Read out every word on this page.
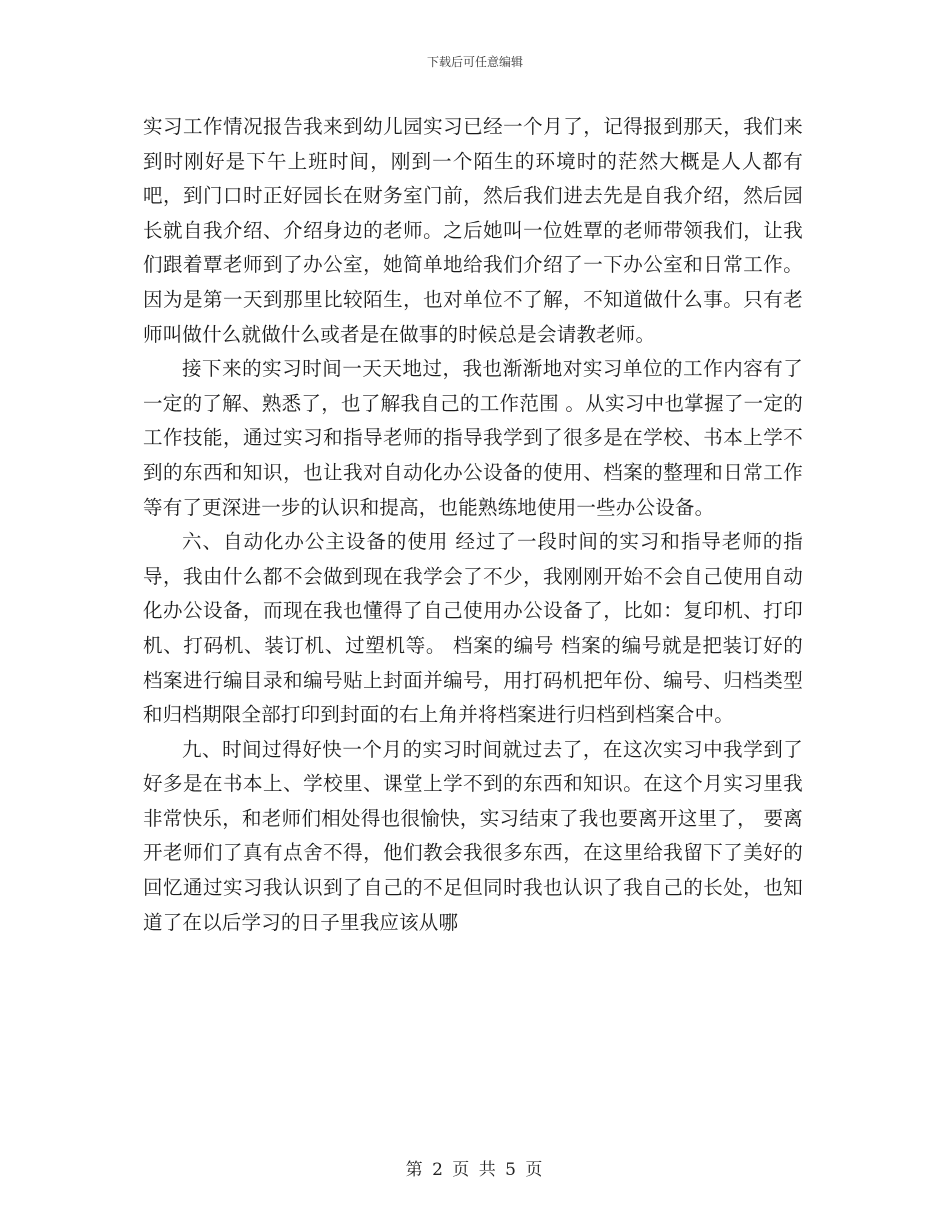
下载后可任意编辑

实习工作情况报告我来到幼儿园实习已经一个月了，记得报到那天，我们来到时刚好是下午上班时间，刚到一个陌生的环境时的茫然大概是人人都有吧，到门口时正好园长在财务室门前，然后我们进去先是自我介绍，然后园长就自我介绍、介绍身边的老师。之后她叫一位姓覃的老师带领我们，让我们跟着覃老师到了办公室，她简单地给我们介绍了一下办公室和日常工作。因为是第一天到那里比较陌生，也对单位不了解，不知道做什么事。只有老师叫做什么就做什么或者是在做事的时候总是会请教老师。

接下来的实习时间一天天地过，我也渐渐地对实习单位的工作内容有了一定的了解、熟悉了，也了解我自己的工作范围 。从实习中也掌握了一定的工作技能，通过实习和指导老师的指导我学到了很多是在学校、书本上学不到的东西和知识，也让我对自动化办公设备的使用、档案的整理和日常工作等有了更深进一步的认识和提高，也能熟练地使用一些办公设备。

六、自动化办公主设备的使用 经过了一段时间的实习和指导老师的指导，我由什么都不会做到现在我学会了不少，我刚刚开始不会自己使用自动化办公设备，而现在我也懂得了自己使用办公设备了，比如：复印机、打印机、打码机、装订机、过塑机等。 档案的编号 档案的编号就是把装订好的档案进行编目录和编号贴上封面并编号，用打码机把年份、编号、归档类型和归档期限全部打印到封面的右上角并将档案进行归档到档案合中。

九、时间过得好快一个月的实习时间就过去了，在这次实习中我学到了好多是在书本上、学校里、课堂上学不到的东西和知识。在这个月实习里我非常快乐，和老师们相处得也很愉快，实习结束了我也要离开这里了， 要离开老师们了真有点舍不得，他们教会我很多东西，在这里给我留下了美好的回忆通过实习我认识到了自己的不足但同时我也认识了我自己的长处，也知道了在以后学习的日子里我应该从哪

第 2 页 共 5 页
